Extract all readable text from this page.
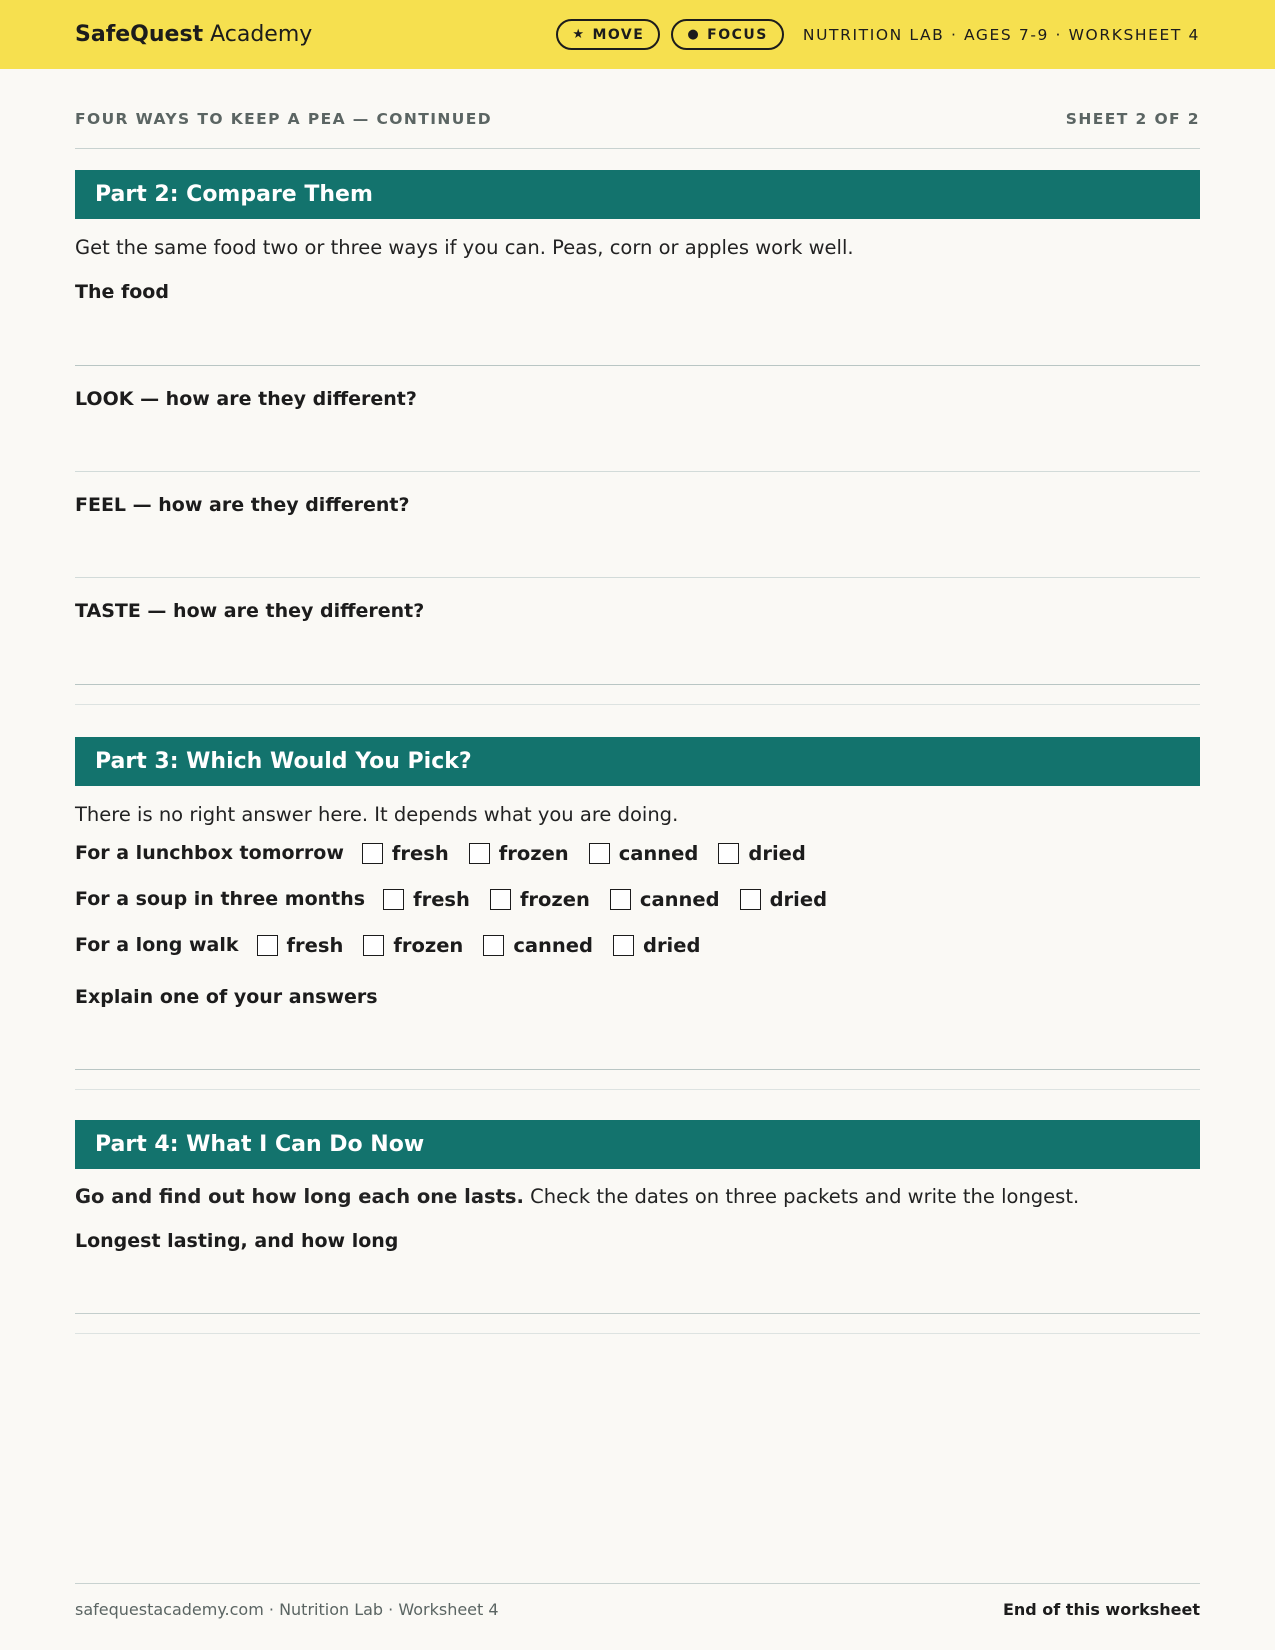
SafeQuest Academy	★ MOVE	● FOCUS NUTRITION LAB · AGES 7-9 · WORKSHEET 4
FOUR WAYS TO KEEP A PEA — CONTINUED	SHEET 2 OF 2
Part 2: Compare Them
Get the same food two or three ways if you can. Peas, corn or apples work well.
The food
LOOK — how are they different?
FEEL — how are they different?
TASTE — how are they different?
Part 3: Which Would You Pick?
There is no right answer here. It depends what you are doing.
For a lunchbox tomorrow fresh	frozen	canned	dried
For a soup in three months fresh	frozen	canned	dried
For a long walk fresh	frozen	canned	dried
Explain one of your answers
Part 4: What I Can Do Now
Go and find out how long each one lasts. Check the dates on three packets and write the longest.
Longest lasting, and how long
safequestacademy.com · Nutrition Lab · Worksheet 4	End of this worksheet
